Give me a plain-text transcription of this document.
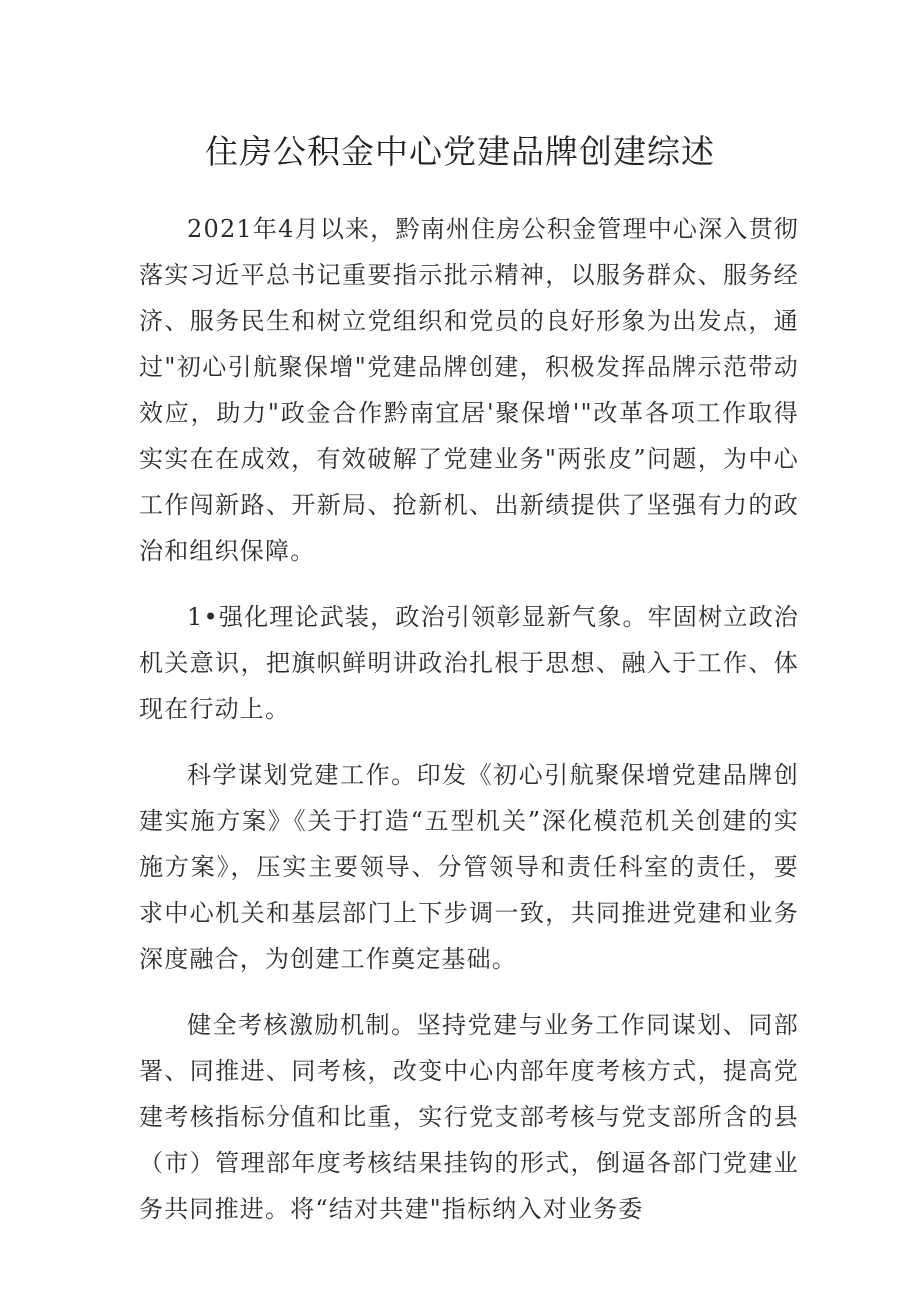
住房公积金中心党建品牌创建综述

2021年4月以来，黔南州住房公积金管理中心深入贯彻落实习近平总书记重要指示批示精神，以服务群众、服务经济、服务民生和树立党组织和党员的良好形象为出发点，通过"初心引航聚保增"党建品牌创建，积极发挥品牌示范带动效应，助力"政金合作黔南宜居'聚保增'"改革各项工作取得实实在在成效，有效破解了党建业务"两张皮”问题，为中心工作闯新路、开新局、抢新机、出新绩提供了坚强有力的政治和组织保障。

1•强化理论武装，政治引领彰显新气象。牢固树立政治机关意识，把旗帜鲜明讲政治扎根于思想、融入于工作、体现在行动上。

科学谋划党建工作。印发《初心引航聚保增党建品牌创建实施方案》《关于打造“五型机关”深化模范机关创建的实施方案》，压实主要领导、分管领导和责任科室的责任，要求中心机关和基层部门上下步调一致，共同推进党建和业务深度融合，为创建工作奠定基础。

健全考核激励机制。坚持党建与业务工作同谋划、同部署、同推进、同考核，改变中心内部年度考核方式，提高党建考核指标分值和比重，实行党支部考核与党支部所含的县（市）管理部年度考核结果挂钩的形式，倒逼各部门党建业务共同推进。将“结对共建"指标纳入对业务委
